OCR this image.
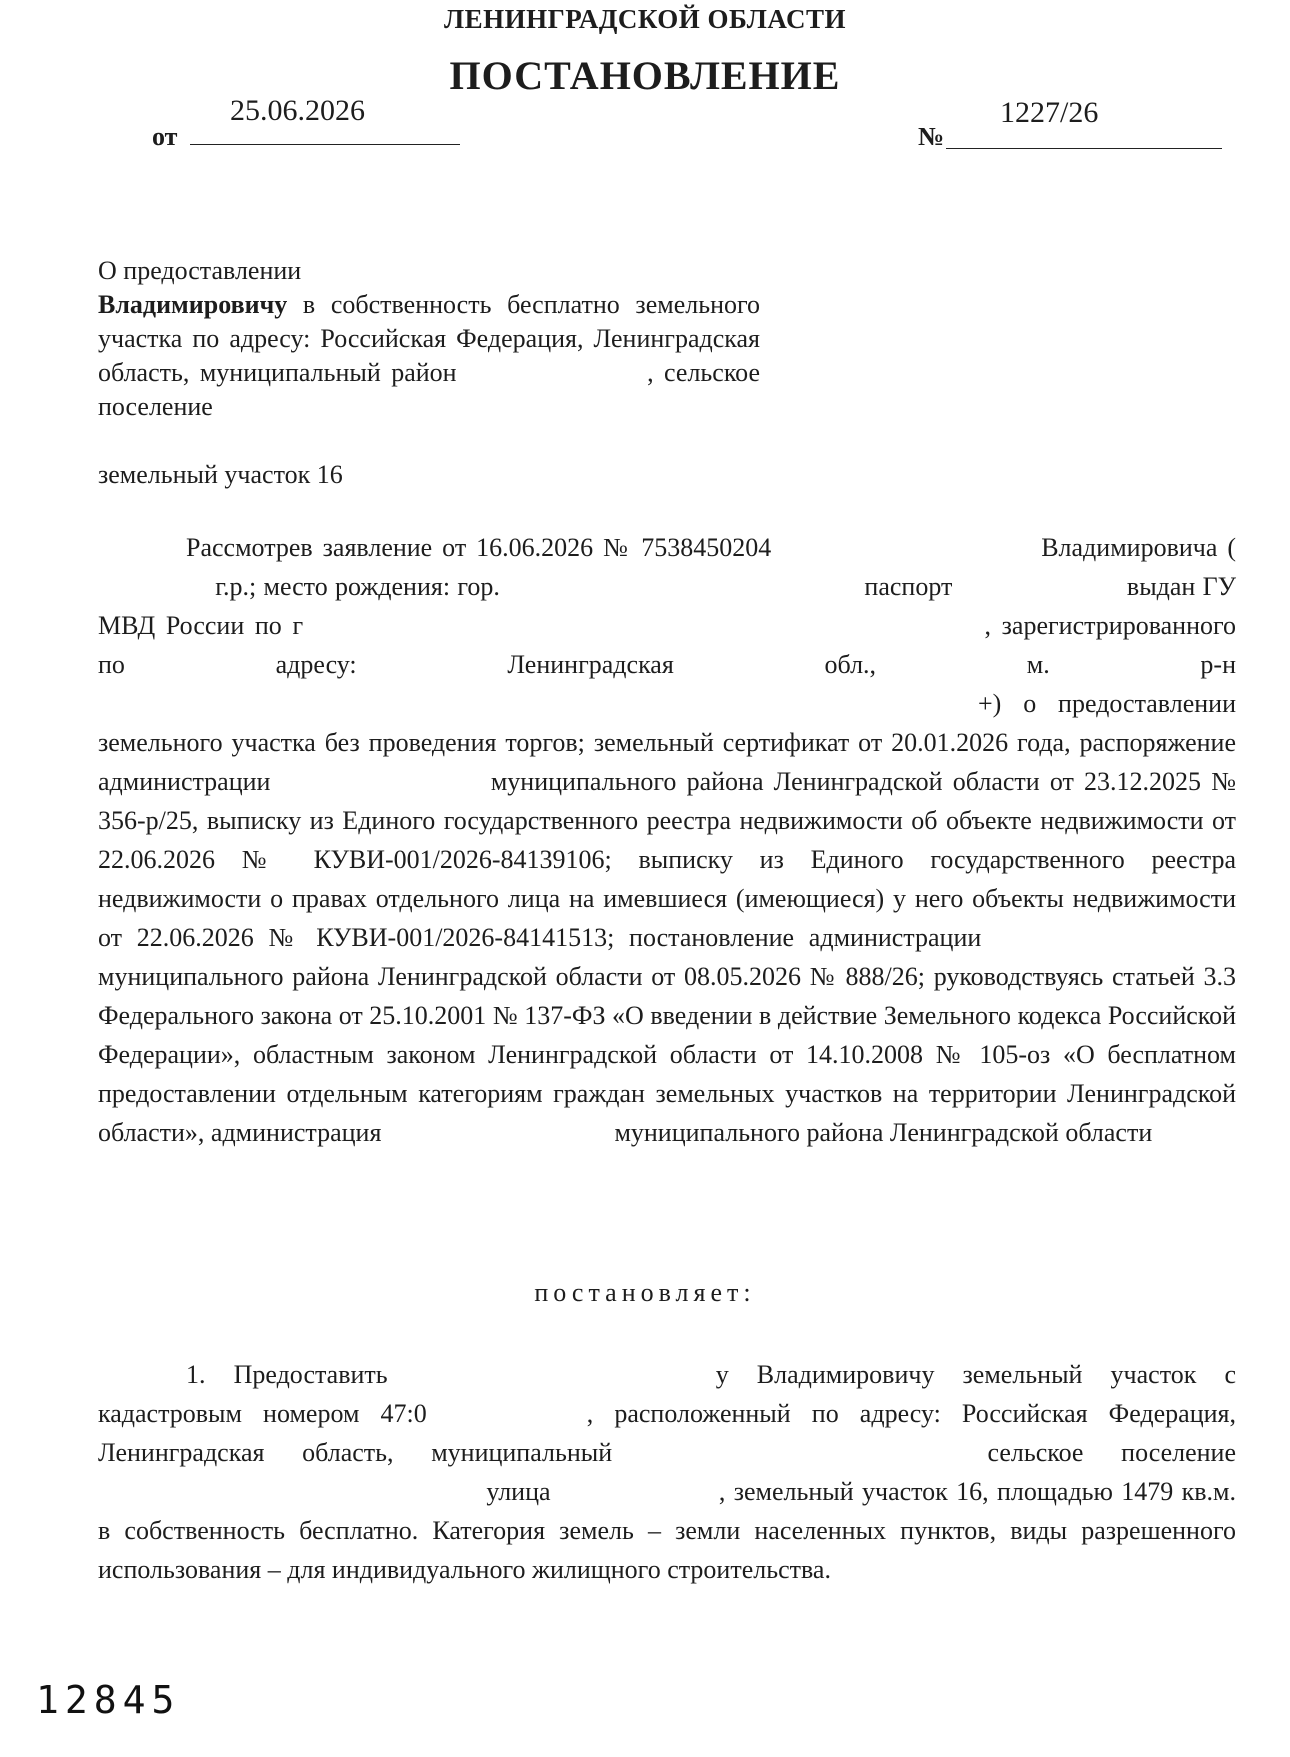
ЛЕНИНГРАДСКОЙ ОБЛАСТИ
ПОСТАНОВЛЕНИЕ
от
25.06.2026
№
1227/26
О предоставлении
Владимировичу в собственность бесплатно земельного участка по адресу: Российская Федерация, Ленинградская область, муниципальный район	, сельское поселение

земельный участок 16
Рассмотрев заявление от 16.06.2026 № 7538450204	Владимировича ( г.р.; место рождения: гор.	паспорт	выдан ГУ МВД России по г	, зарегистрированного по адресу: Ленинградская обл., м. р-н +) о предоставлении земельного участка без проведения торгов; земельный сертификат от 20.01.2026 года, распоряжение администрации	муниципального района Ленинградской области от 23.12.2025 № 356-р/25, выписку из Единого государственного реестра недвижимости об объекте недвижимости от 22.06.2026 № КУВИ-001/2026-84139106; выписку из Единого государственного реестра недвижимости о правах отдельного лица на имевшиеся (имеющиеся) у него объекты недвижимости от 22.06.2026 № КУВИ-001/2026-84141513; постановление администрации  муниципального района Ленинградской области от 08.05.2026 № 888/26; руководствуясь статьей 3.3 Федерального закона от 25.10.2001 № 137-ФЗ «О введении в действие Земельного кодекса Российской Федерации», областным законом Ленинградской области от 14.10.2008 № 105-оз «О бесплатном предоставлении отдельным категориям граждан земельных участков на территории Ленинградской области», администрация	муниципального района Ленинградской области
постановляет:
1. Предоставить	у Владимировичу земельный участок с кадастровым номером 47:0	, расположенный по адресу: Российская Федерация, Ленинградская область, муниципальный	сельское поселение  улица	, земельный участок 16, площадью 1479 кв.м. в собственность бесплатно. Категория земель – земли населенных пунктов, виды разрешенного использования – для индивидуального жилищного строительства.
12845
